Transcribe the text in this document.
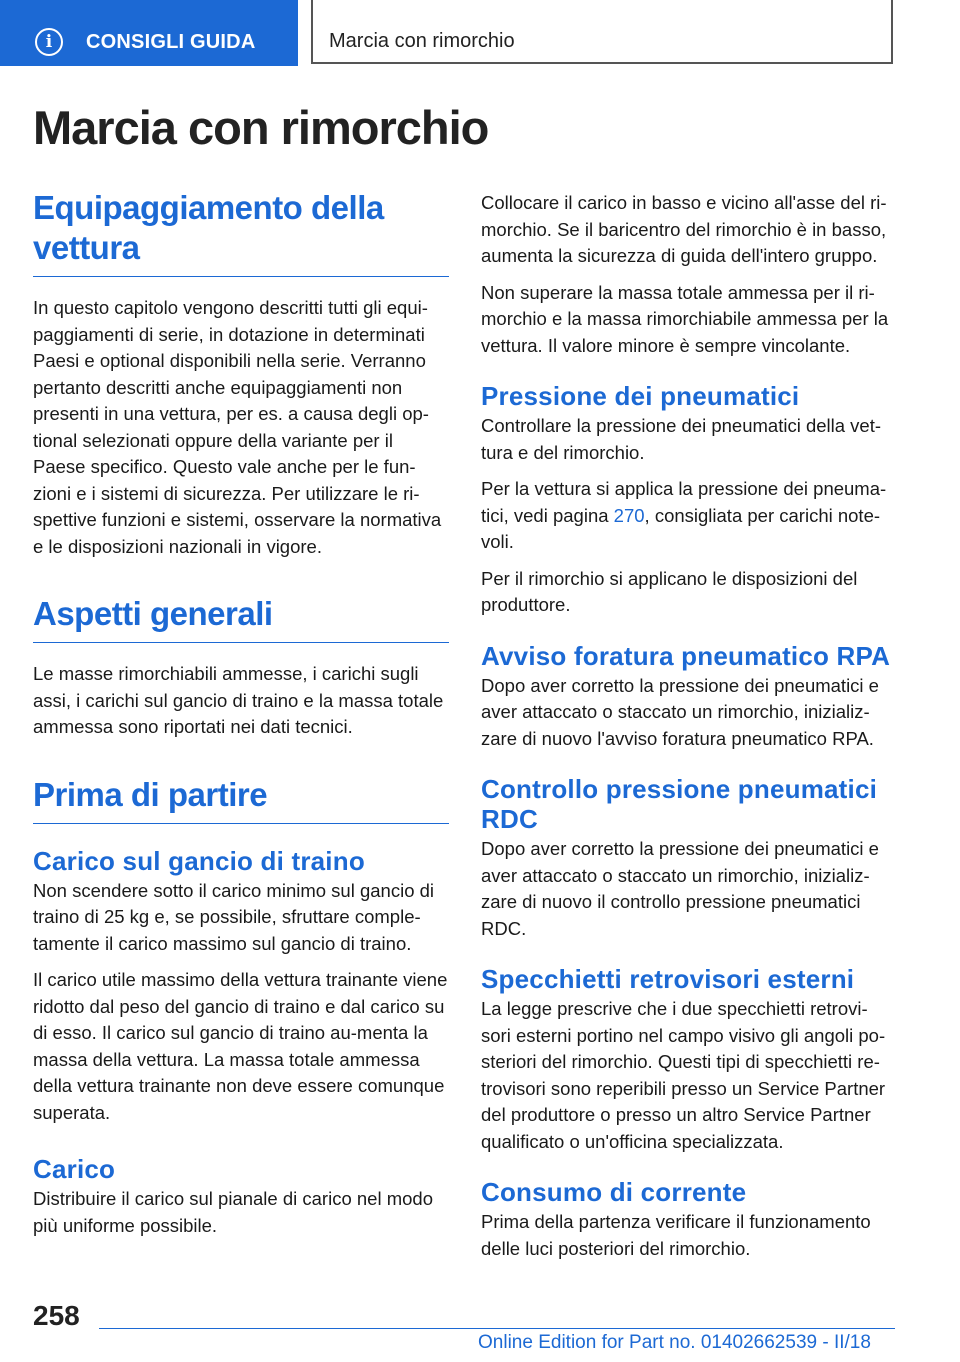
i	CONSIGLI GUIDA	Marcia con rimorchio
Marcia con rimorchio
Equipaggiamento della vettura

In questo capitolo vengono descritti tutti gli equi-paggiamenti di serie, in dotazione in determinati Paesi e optional disponibili nella serie. Verranno pertanto descritti anche equipaggiamenti non presenti in una vettura, per es. a causa degli op-tional selezionati oppure della variante per il Paese specifico. Questo vale anche per le fun-zioni e i sistemi di sicurezza. Per utilizzare le ri-spettive funzioni e sistemi, osservare la normativa e le disposizioni nazionali in vigore.

Aspetti generali

Le masse rimorchiabili ammesse, i carichi sugli assi, i carichi sul gancio di traino e la massa totale ammessa sono riportati nei dati tecnici.

Prima di partire
Carico sul gancio di traino

Non scendere sotto il carico minimo sul gancio di traino di 25 kg e, se possibile, sfruttare comple-tamente il carico massimo sul gancio di traino.

Il carico utile massimo della vettura trainante viene ridotto dal peso del gancio di traino e dal carico su di esso. Il carico sul gancio di traino au-menta la massa della vettura. La massa totale ammessa della vettura trainante non deve essere comunque superata.

Carico

Distribuire il carico sul pianale di carico nel modo più uniforme possibile.

Collocare il carico in basso e vicino all'asse del ri-morchio. Se il baricentro del rimorchio è in basso, aumenta la sicurezza di guida dell'intero gruppo.

Non superare la massa totale ammessa per il ri-morchio e la massa rimorchiabile ammessa per la vettura. Il valore minore è sempre vincolante.

Pressione dei pneumatici

Controllare la pressione dei pneumatici della vet-tura e del rimorchio.

Per la vettura si applica la pressione dei pneuma-tici, vedi pagina 270, consigliata per carichi note-voli.

Per il rimorchio si applicano le disposizioni del produttore.

Avviso foratura pneumatico RPA

Dopo aver corretto la pressione dei pneumatici e aver attaccato o staccato un rimorchio, inizializ-zare di nuovo l'avviso foratura pneumatico RPA.

Controllo pressione pneumatici RDC

Dopo aver corretto la pressione dei pneumatici e aver attaccato o staccato un rimorchio, inizializ-zare di nuovo il controllo pressione pneumatici RDC.

Specchietti retrovisori esterni

La legge prescrive che i due specchietti retrovi-sori esterni portino nel campo visivo gli angoli po-steriori del rimorchio. Questi tipi di specchietti re-trovisori sono reperibili presso un Service Partner del produttore o presso un altro Service Partner qualificato o un'officina specializzata.

Consumo di corrente

Prima della partenza verificare il funzionamento delle luci posteriori del rimorchio.

258
Online Edition for Part no. 01402662539 - II/18
